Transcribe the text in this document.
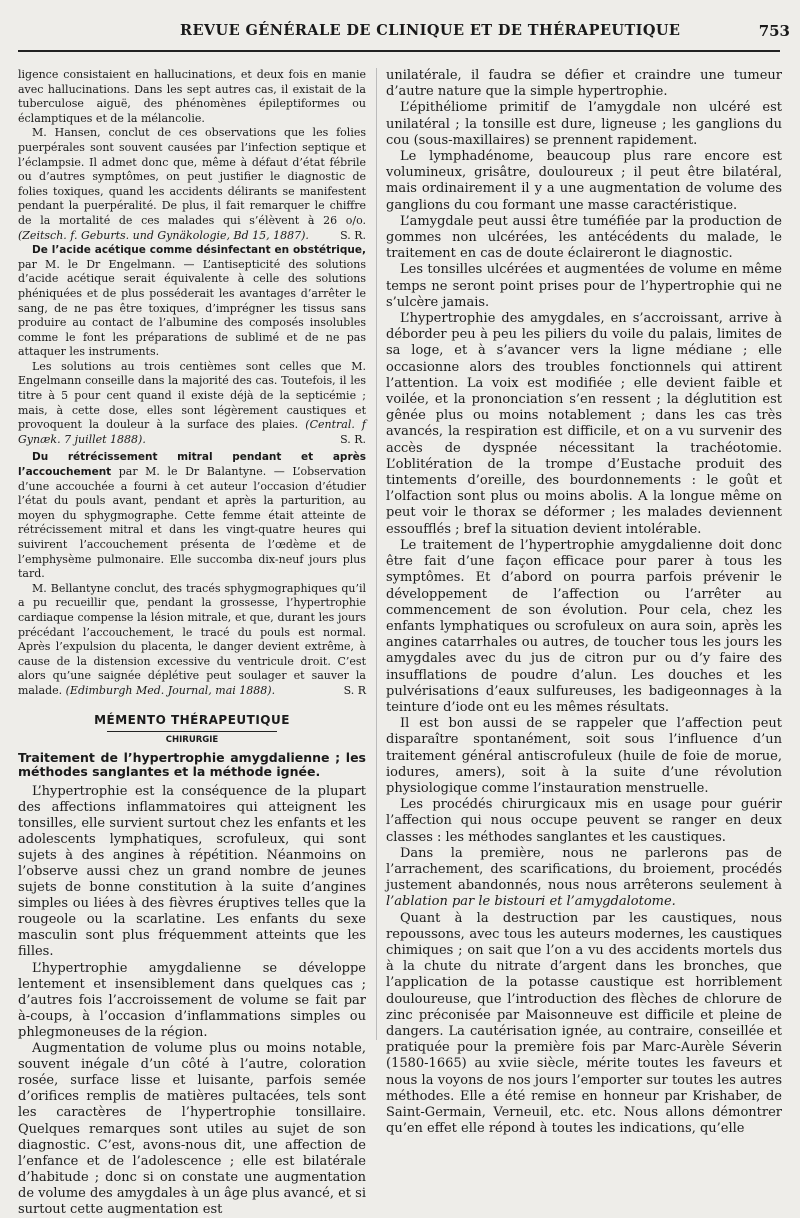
REVUE GÉNÉRALE DE CLINIQUE ET DE THÉRAPEUTIQUE	753

ligence consistaient en hallucinations, et deux fois en manie avec hallucinations. Dans les sept autres cas, il existait de la tuberculose aiguë, des phénomènes épileptiformes ou éclamptiques et de la mélancolie.

M. Hansen, conclut de ces observations que les folies puerpérales sont souvent causées par l’infection septique et l’éclampsie. Il admet donc que, même à défaut d’état fébrile ou d’autres symptômes, on peut justifier le diagnostic de folies toxiques, quand les accidents délirants se manifestent pendant la puerpéralité. De plus, il fait remarquer le chiffre de la mortalité de ces malades qui s’élèvent à 26 o/o. (Zeitsch. f. Geburts. und Gynäkologie, Bd 15, 1887).	S. R.

De l’acide acétique comme désinfectant en obstétrique, par M. le Dr Engelmann. — L’antisepticité des solutions d’acide acétique serait équivalente à celle des solutions phéniquées et de plus posséderait les avantages d’arrêter le sang, de ne pas être toxiques, d’imprégner les tissus sans produire au contact de l’albumine des composés insolubles comme le font les préparations de sublimé et de ne pas attaquer les instruments.

Les solutions au trois centièmes sont celles que M. Engelmann conseille dans la majorité des cas. Toutefois, il les titre à 5 pour cent quand il existe déjà de la septicémie ; mais, à cette dose, elles sont légèrement caustiques et provoquent la douleur à la surface des plaies. (Central. f Gynæk. 7 juillet 1888).	S. R.

Du rétrécissement mitral pendant et après l’accouchement par M. le Dr Balantyne. — L’observation d’une accouchée a fourni à cet auteur l’occasion d’étudier l’état du pouls avant, pendant et après la parturition, au moyen du sphygmographe. Cette femme était atteinte de rétrécissement mitral et dans les vingt-quatre heures qui suivirent l’accouchement présenta de l’œdème et de l’emphysème pulmonaire. Elle succomba dix-neuf jours plus tard.

M. Bellantyne conclut, des tracés sphygmographiques qu’il a pu recueillir que, pendant la grossesse, l’hypertrophie cardiaque compense la lésion mitrale, et que, durant les jours précédant l’accouchement, le tracé du pouls est normal. Après l’expulsion du placenta, le danger devient extrême, à cause de la distension excessive du ventricule droit. C’est alors qu’une saignée déplétive peut soulager et sauver la malade. (Edimburgh Med. Journal, mai 1888).	S. R

MÉMENTO THÉRAPEUTIQUE
CHIRURGIE
Traitement de l’hypertrophie amygdalienne ; les méthodes sanglantes et la méthode ignée.

L’hypertrophie est la conséquence de la plupart des affections inflammatoires qui atteignent les tonsilles, elle survient surtout chez les enfants et les adolescents lymphatiques, scrofuleux, qui sont sujets à des angines à répétition. Néanmoins on l’observe aussi chez un grand nombre de jeunes sujets de bonne constitution à la suite d’angines simples ou liées à des fièvres éruptives telles que la rougeole ou la scarlatine. Les enfants du sexe masculin sont plus fréquemment atteints que les filles.

L’hypertrophie amygdalienne se développe lentement et insensiblement dans quelques cas ; d’autres fois l’accroissement de volume se fait par à-coups, à l’occasion d’inflammations simples ou phlegmoneuses de la région.

Augmentation de volume plus ou moins notable, souvent inégale d’un côté à l’autre, coloration rosée, surface lisse et luisante, parfois semée d’orifices remplis de matières pultacées, tels sont les caractères de l’hypertrophie tonsillaire. Quelques remarques sont utiles au sujet de son diagnostic. C’est, avons-nous dit, une affection de l’enfance et de l’adolescence ; elle est bilatérale d’habitude ; donc si on constate une augmentation de volume des amygdales à un âge plus avancé, et si surtout cette augmentation est

unilatérale, il faudra se défier et craindre une tumeur d’autre nature que la simple hypertrophie.

L’épithéliome primitif de l’amygdale non ulcéré est unilatéral ; la tonsille est dure, ligneuse ; les ganglions du cou (sous-maxillaires) se prennent rapidement.

Le lymphadénome, beaucoup plus rare encore est volumineux, grisâtre, douloureux ; il peut être bilatéral, mais ordinairement il y a une augmentation de volume des ganglions du cou formant une masse caractéristique.

L’amygdale peut aussi être tuméfiée par la production de gommes non ulcérées, les antécédents du malade, le traitement en cas de doute éclaireront le diagnostic.

Les tonsilles ulcérées et augmentées de volume en même temps ne seront point prises pour de l’hypertrophie qui ne s’ulcère jamais.

L’hypertrophie des amygdales, en s’accroissant, arrive à déborder peu à peu les piliers du voile du palais, limites de sa loge, et à s’avancer vers la ligne médiane ; elle occasionne alors des troubles fonctionnels qui attirent l’attention. La voix est modifiée ; elle devient faible et voilée, et la prononciation s’en ressent ; la déglutition est gênée plus ou moins notablement ; dans les cas très avancés, la respiration est difficile, et on a vu survenir des accès de dyspnée nécessitant la trachéotomie. L’oblitération de la trompe d’Eustache produit des tintements d’oreille, des bourdonnements : le goût et l’olfaction sont plus ou moins abolis. A la longue même on peut voir le thorax se déformer ; les malades deviennent essoufflés ; bref la situation devient intolérable.

Le traitement de l’hypertrophie amygdalienne doit donc être fait d’une façon efficace pour parer à tous les symptômes. Et d’abord on pourra parfois prévenir le développement de l’affection ou l’arrêter au commencement de son évolution. Pour cela, chez les enfants lymphatiques ou scrofuleux on aura soin, après les angines catarrhales ou autres, de toucher tous les jours les amygdales avec du jus de citron pur ou d’y faire des insufflations de poudre d’alun. Les douches et les pulvérisations d’eaux sulfureuses, les badigeonnages à la teinture d’iode ont eu les mêmes résultats.

Il est bon aussi de se rappeler que l’affection peut disparaître spontanément, soit sous l’influence d’un traitement général antiscrofuleux (huile de foie de morue, iodures, amers), soit à la suite d’une révolution physiologique comme l’instauration menstruelle.

Les procédés chirurgicaux mis en usage pour guérir l’affection qui nous occupe peuvent se ranger en deux classes : les méthodes sanglantes et les caustiques.

Dans la première, nous ne parlerons pas de l’arrachement, des scarifications, du broiement, procédés justement abandonnés, nous nous arrêterons seulement à l’ablation par le bistouri et l’amygdalotome.

Quant à la destruction par les caustiques, nous repoussons, avec tous les auteurs modernes, les caustiques chimiques ; on sait que l’on a vu des accidents mortels dus à la chute du nitrate d’argent dans les bronches, que l’application de la potasse caustique est horriblement douloureuse, que l’introduction des flèches de chlorure de zinc préconisée par Maisonneuve est difficile et pleine de dangers. La cautérisation ignée, au contraire, conseillée et pratiquée pour la première fois par Marc-Aurèle Séverin (1580-1665) au xviie siècle, mérite toutes les faveurs et nous la voyons de nos jours l’emporter sur toutes les autres méthodes. Elle a été remise en honneur par Krishaber, de Saint-Germain, Verneuil, etc. etc. Nous allons démontrer qu’en effet elle répond à toutes les indications, qu’elle
